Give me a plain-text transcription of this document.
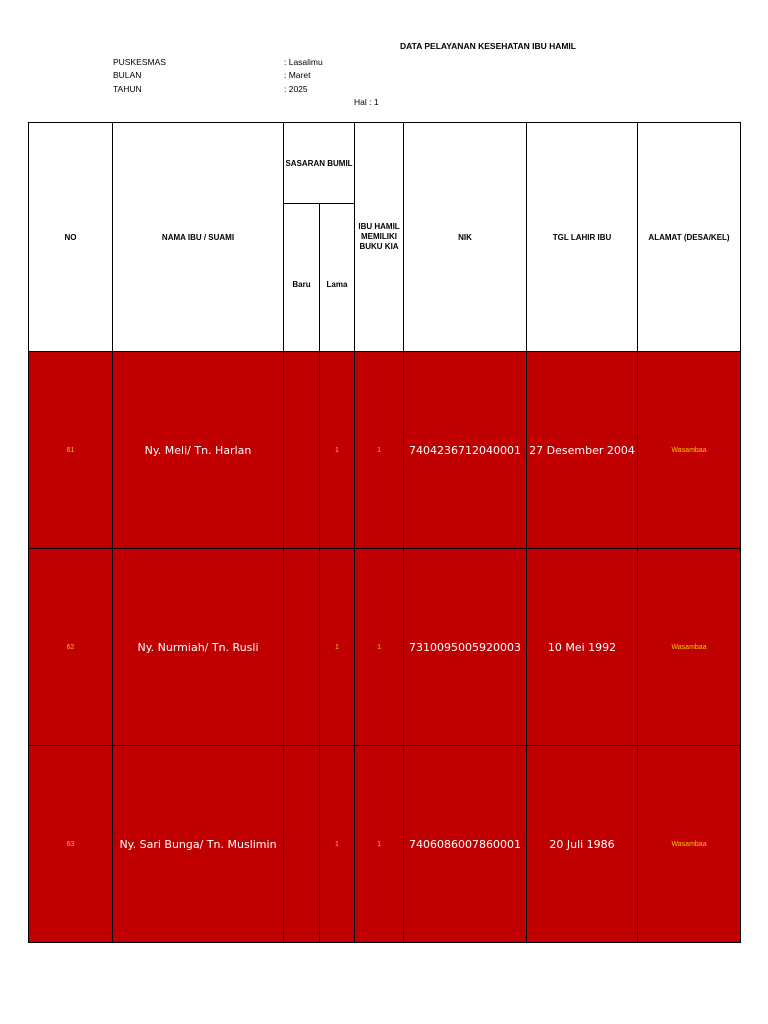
DATA PELAYANAN KESEHATAN IBU HAMIL
PUSKESMAS	: Lasalimu
BULAN	: Maret
TAHUN	: 2025
Hal : 1
NO	NAMA IBU / SUAMI	SASARAN BUMIL		IBU HAMIL MEMILIKI BUKU KIA	NIK	TGL LAHIR IBU	ALAMAT (DESA/KEL)
		Baru	Lama				
61	Ny. Meli/ Tn. Harlan		1	1	7404236712040001	27 Desember 2004	Wasambaa
62	Ny. Nurmiah/ Tn. Rusli		1	1	7310095005920003	10 Mei 1992	Wasambaa
63	Ny. Sari Bunga/ Tn. Muslimin		1	1	7406086007860001	20 Juli 1986	Wasambaa
